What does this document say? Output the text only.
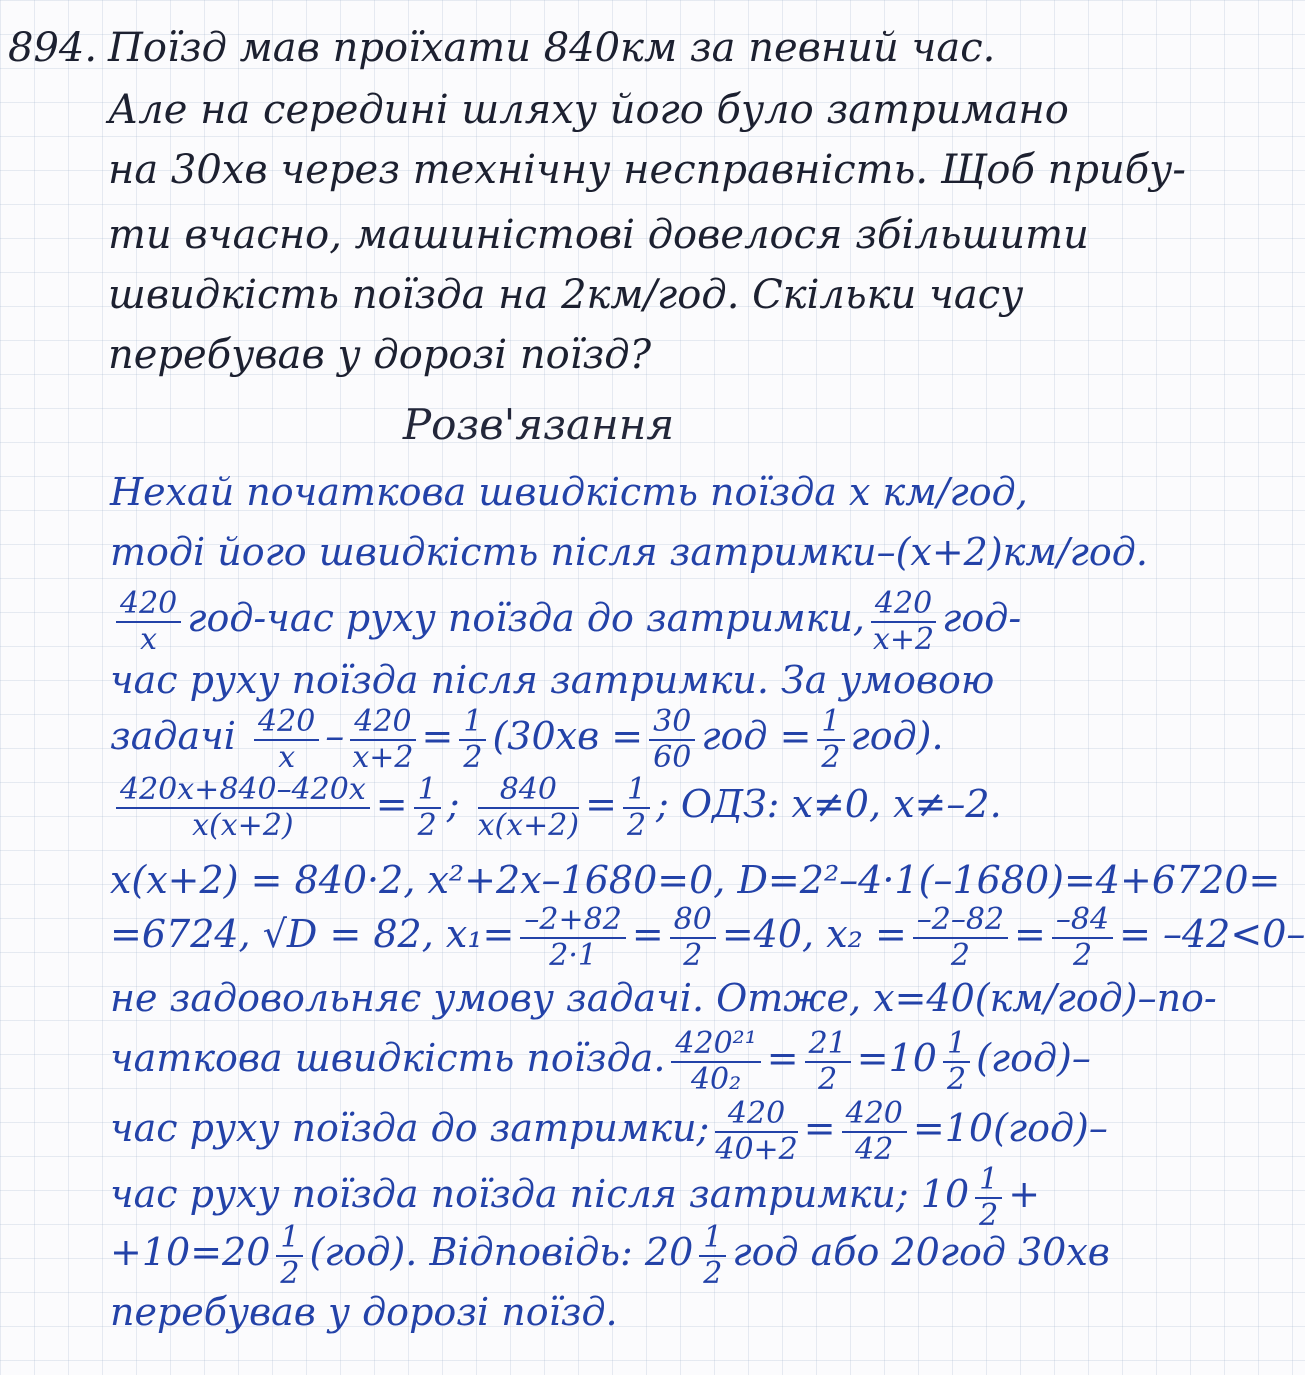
894. Поїзд мав проїхати 840км за певний час.
Але на середині шляху його було затримано
на 30хв через технічну несправність. Щоб прибу-
ти вчасно, машиністові довелося збільшити
швидкість поїзда на 2км/год. Скільки часу
перебував у дорозі поїзд?
Розв'язання
Нехай початкова швидкість поїзда х км/год,
тоді його швидкість після затримки–(х+2)км/год.
$\frac{420}{x} год-час$ руху поїзда до затримки, $\frac{420}{x+2} год-$
час руху поїзда після затримки. За умовою
задачі $\frac{420}{x} - \frac{420}{x+2} = \frac{1}{2} (30хв = \frac{30}{60}$ год = $\frac{1}{2} год$).
$\frac{420x+840-420x}{x(x+2)} = \frac{1}{2}$ ; $\frac{840}{x(x+2)} = \frac{1}{2}$ ; ОДЗ: x≠0, x≠–2.
x(x+2) = 840·2, x²+2x–1680=0, D=2²–4·1(–1680)=4+6720=
=6724, √D = 82, $x_1= \frac{-2+82}{2\cdot 1} = \frac{80}{2} =40$, $x_2 = \frac{-2-82}{2} = \frac{-84}{2} = -42<0-$
не задовольняє умову задачі. Отже, x=40(км/год)–по-
чаткова швидкість поїзда. $\frac{\text{420²¹}}{\text{40₂}} = \frac{21}{2} =10 \frac{1}{2} (год)-$
час руху поїзда до затримки; $\frac{420}{40+2} = \frac{420}{42} =10(год)-$
час руху поїзда поїзда після затримки; $10 \frac{1}{2}$ +
$+10=20 \frac{1}{2} (год)$. Відповідь: $20 \frac{1}{2}$ год або 20год 30хв
перебував у дорозі поїзд.
